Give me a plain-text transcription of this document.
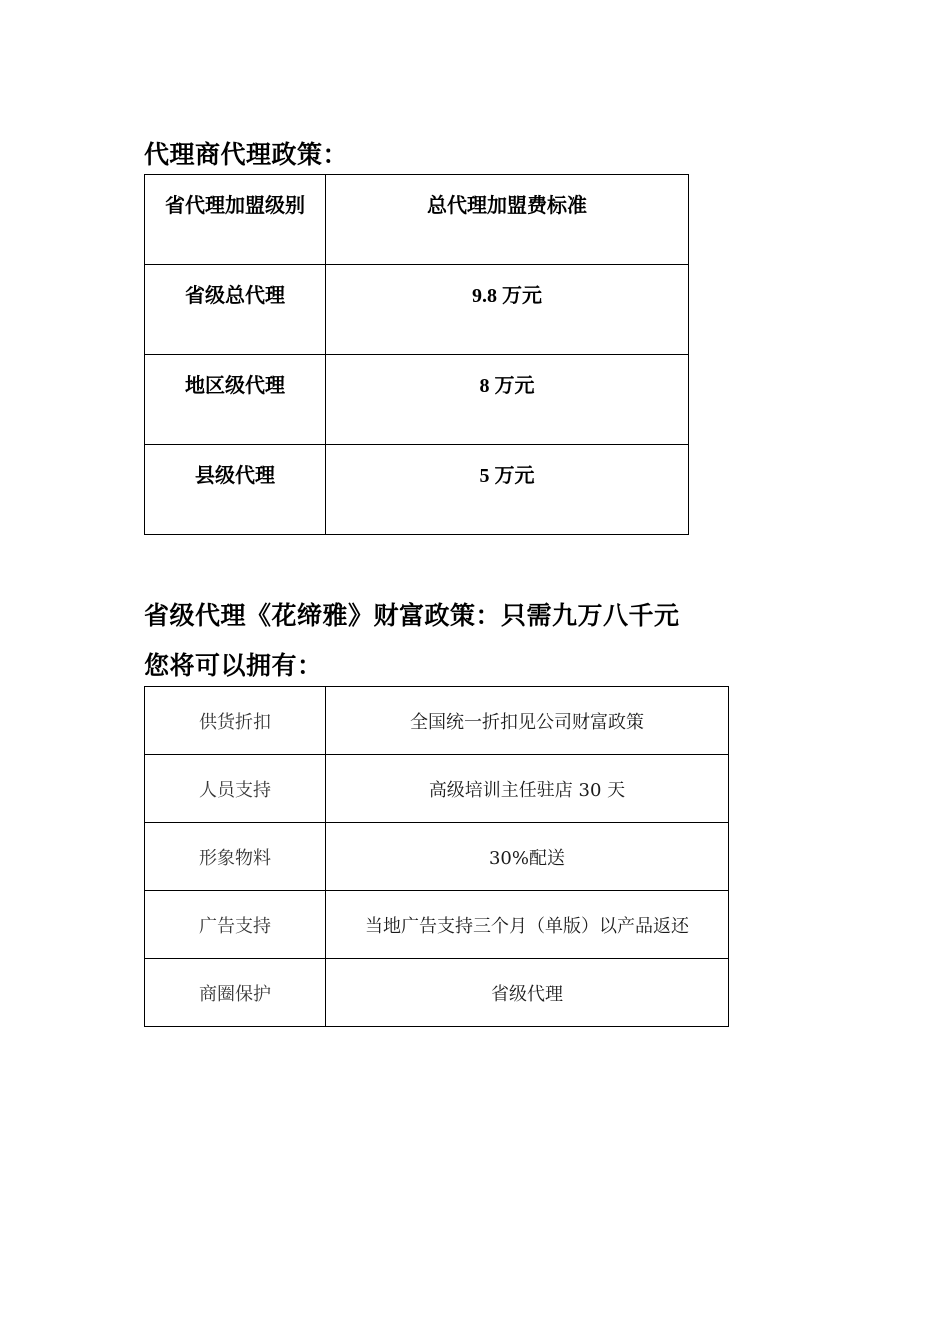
代理商代理政策：
省代理加盟级别	总代理加盟费标准
省级总代理	9.8 万元
地区级代理	8 万元
县级代理	5 万元
省级代理《花缔雅》财富政策：只需九万八千元
您将可以拥有：
供货折扣	全国统一折扣见公司财富政策
人员支持	高级培训主任驻店 30 天
形象物料	30%配送
广告支持	当地广告支持三个月（单版）以产品返还
商圈保护	省级代理
